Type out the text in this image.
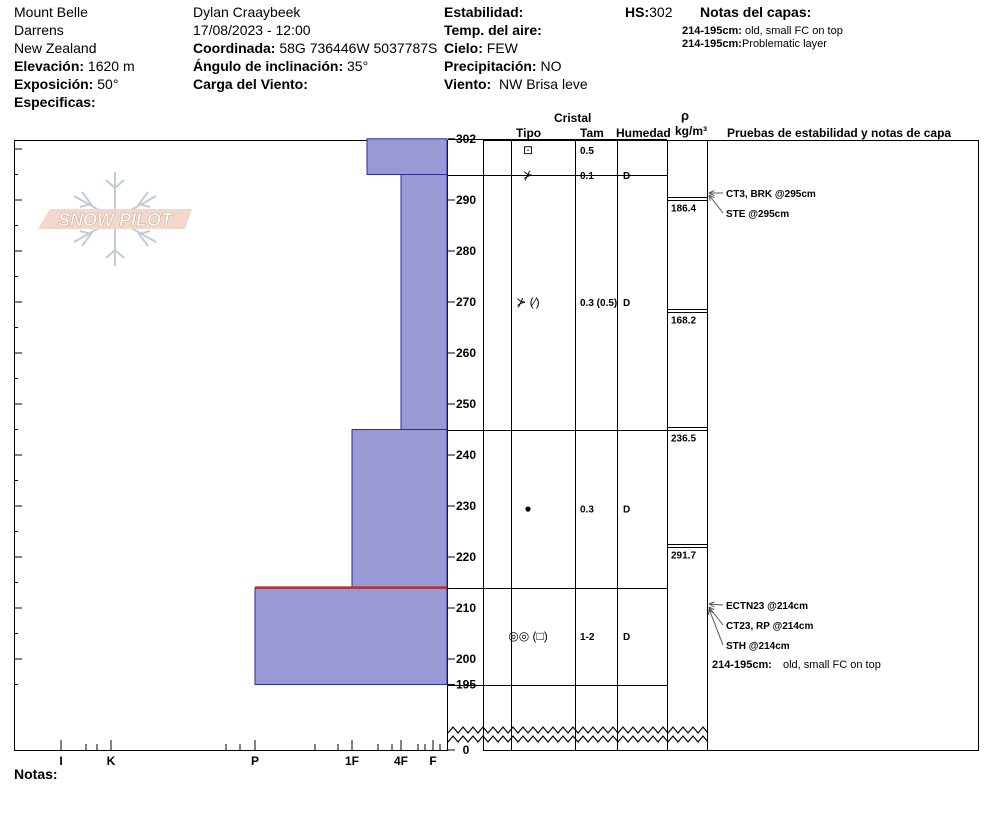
Mount Belle
Darrens
New Zealand
Elevación: 1620 m
Exposición: 50°
Especificas:
Dylan Craaybeek
17/08/2023 - 12:00
Coordinada: 58G 736446W 5037787S
Ángulo de inclinación: 35°
Carga del Viento:
Estabilidad:
Temp. del aire:
Cielo: FEW
Precipitación: NO
Viento: NW Brisa leve
HS:302 Notas del capas:
214-195cm: old, small FC on top
214-195cm:Problematic layer
Cristal
Tipo	Tam Humedad
ρ
kg/m³ Pruebas de estabilidad y notas de capa
SNOW PILOT
I	K	P	1F	4F F
302
290
280
270
260
250
240
230
220
210
200
195
0
⊡	0.5
⊁	0.1	D
⊁ (⁄)	0.3 (0.5) D
●	0.3	D
◎◎ (□)	1-2	D
186.4
168.2
236.5
291.7
CT3, BRK @295cm
STE @295cm
ECTN23 @214cm
CT23, RP @214cm
STH @214cm
214-195cm: old, small FC on top
Notas:
